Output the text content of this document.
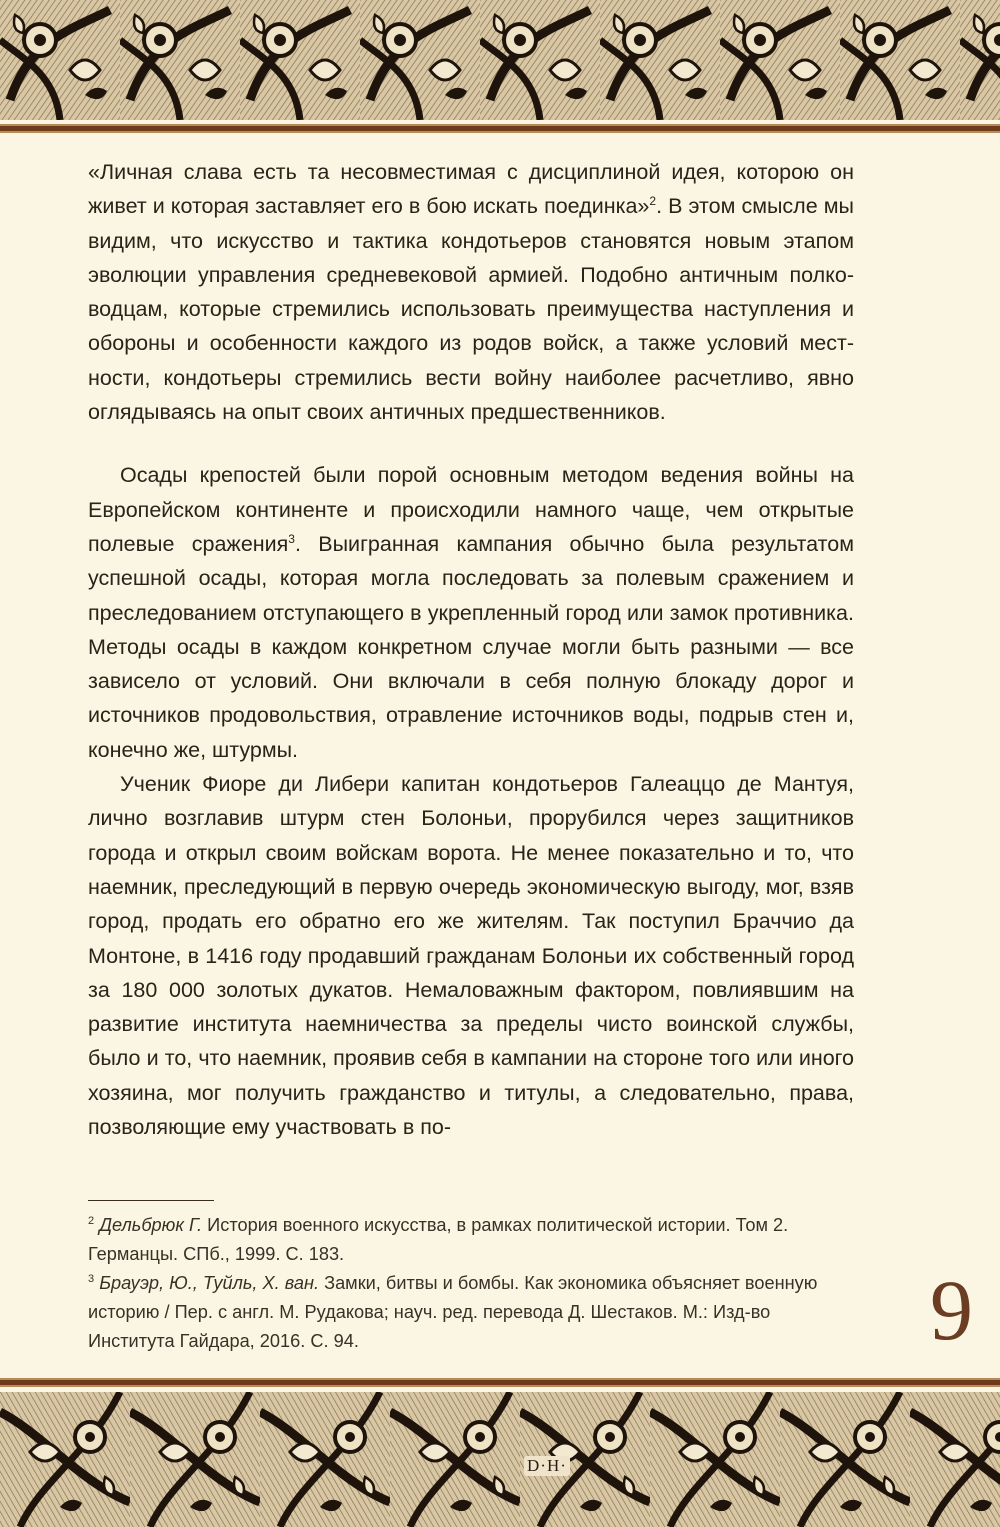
«Личная слава есть та несовместимая с дисциплиной идея, которою он живет и которая заставляет его в бою искать поединка»$^2$. В этом смысле мы видим, что искусство и тактика кондотьеров становятся новым этапом эволюции управления средневековой армией. Подобно античным полководцам, которые стремились использовать преимущества наступления и обороны и особенности каждого из родов войск, а также условий местности, кондотьеры стремились вести войну наиболее расчетливо, явно оглядываясь на опыт своих античных предшественников.

Осады крепостей были порой основным методом ведения войны на Европейском континенте и происходили намного чаще, чем открытые полевые сражения$^3$. Выигранная кампания обычно была результатом успешной осады, которая могла последовать за полевым сражением и преследованием отступающего в укрепленный город или замок противника. Методы осады в каждом конкретном случае могли быть разными — все зависело от условий. Они включали в себя полную блокаду дорог и источников продовольствия, отравление источников воды, подрыв стен и, конечно же, штурмы.

Ученик Фиоре ди Либери капитан кондотьеров Галеаццо де Мантуя, лично возглавив штурм стен Болоньи, прорубился через защитников города и открыл своим войскам ворота. Не менее показательно и то, что наемник, преследующий в первую очередь экономическую выгоду, мог, взяв город, продать его обратно его же жителям. Так поступил Браччио да Монтоне, в 1416 году продавший гражданам Болоньи их собственный город за 180 000 золотых дукатов. Немаловажным фактором, повлиявшим на развитие института наемничества за пределы чисто воинской службы, было и то, что наемник, проявив себя в кампании на стороне того или иного хозяина, мог получить гражданство и титулы, а следовательно, права, позволяющие ему участвовать в по-

$^2$ Дельбрюк Г. История военного искусства, в рамках политической истории. Том 2. Германцы. СПб., 1999. С. 183.

$^3$ Брауэр, Ю., Туйль, Х. ван. Замки, битвы и бомбы. Как экономика объясняет военную историю / Пер. с англ. М. Рудакова; науч. ред. перевода Д. Шестаков. М.: Изд-во Института Гайдара, 2016. С. 94.	9
D·H·
